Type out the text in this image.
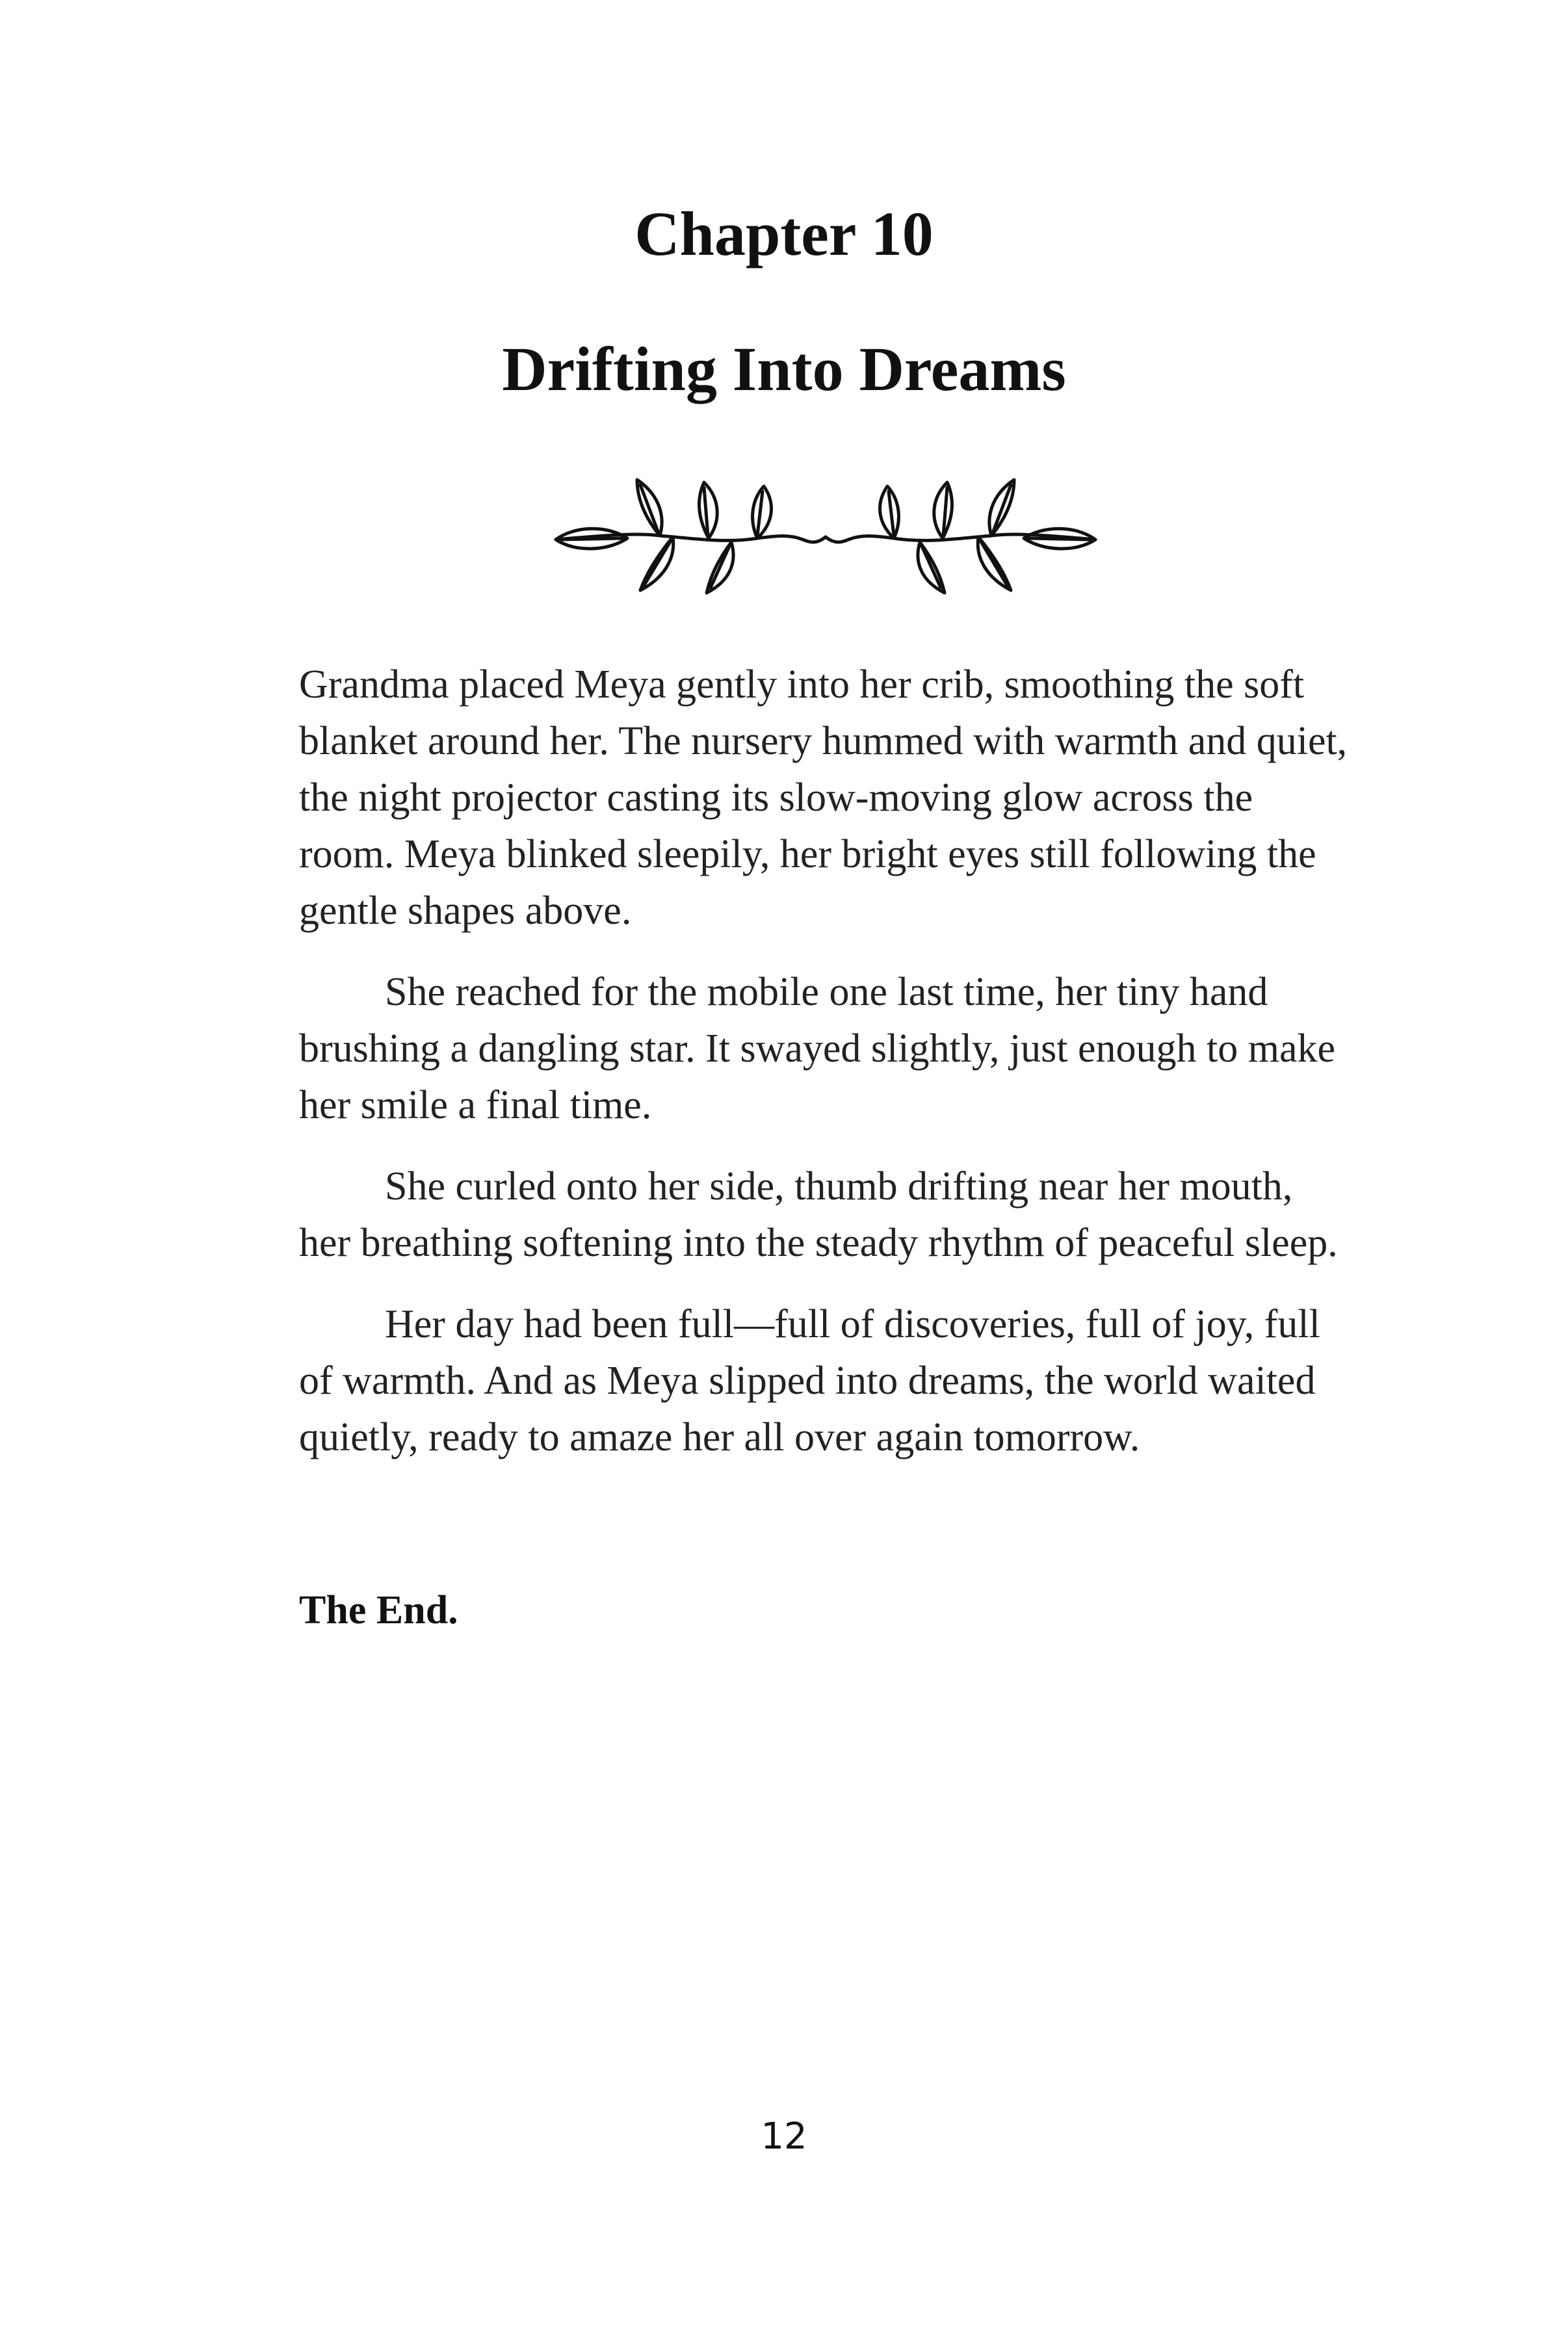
Chapter 10
Drifting Into Dreams

Grandma placed Meya gently into her crib, smoothing the soft blanket around her. The nursery hummed with warmth and quiet, the night projector casting its slow-moving glow across the room. Meya blinked sleepily, her bright eyes still following the gentle shapes above.

She reached for the mobile one last time, her tiny hand brushing a dangling star. It swayed slightly, just enough to make her smile a final time.

She curled onto her side, thumb drifting near her mouth, her breathing softening into the steady rhythm of peaceful sleep.

Her day had been full—full of discoveries, full of joy, full of warmth. And as Meya slipped into dreams, the world waited quietly, ready to amaze her all over again tomorrow.

The End.

12
